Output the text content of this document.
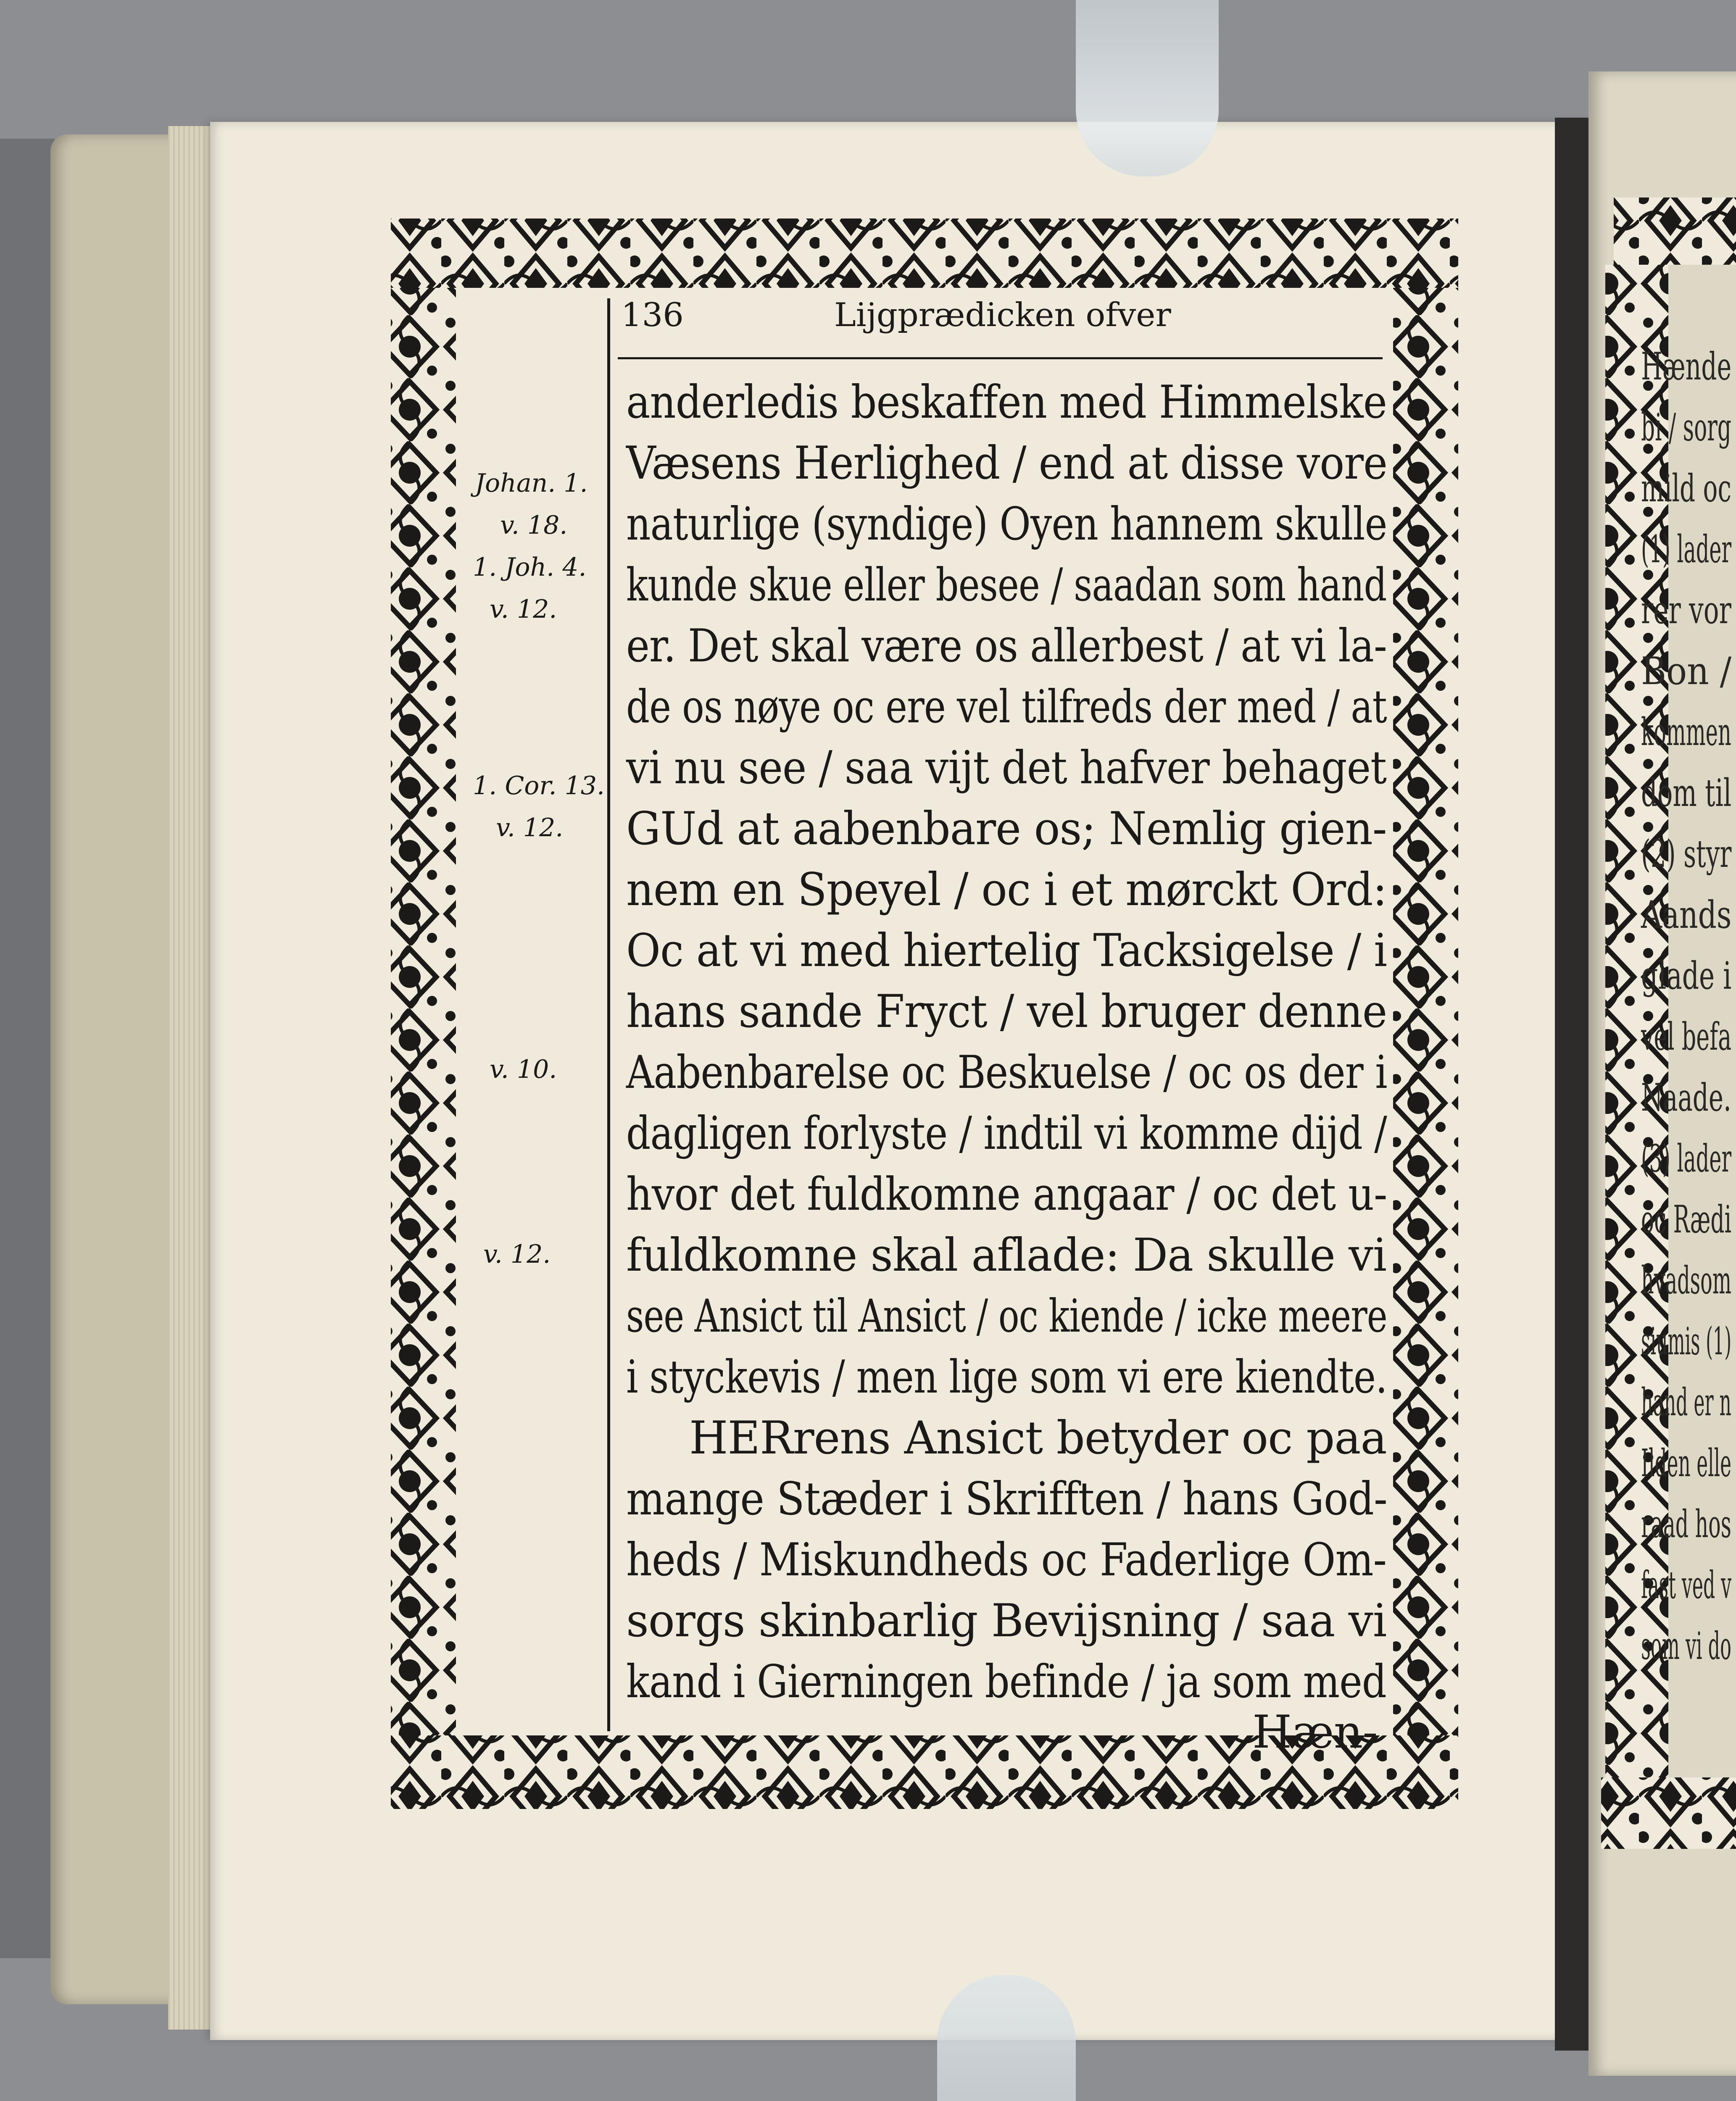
136	Lijgprædicken ofver
Johan. 1.
v. 18.
1. Joh. 4.
v. 12.
1. Cor. 13.
v. 12.
v. 10.
v. 12.
anderledis beskaffen med Himmelske
Væsens Herlighed / end at disse vore
naturlige (syndige) Oyen hannem skulle
kunde skue eller besee / saadan som hand
er. Det skal være os allerbest / at vi la-
de os nøye oc ere vel tilfreds der med / at
vi nu see / saa vijt det hafver behaget
GUd at aabenbare os; Nemlig gien-
nem en Speyel / oc i et mørckt Ord:
Oc at vi med hiertelig Tacksigelse / i
hans sande Fryct / vel bruger denne
Aabenbarelse oc Beskuelse / oc os der i
dagligen forlyste / indtil vi komme dijd /
hvor det fuldkomne angaar / oc det u-
fuldkomne skal aflade: Da skulle vi
see Ansict til Ansict / oc kiende / icke meere
i styckevis / men lige som vi ere kiendte.
HERrens Ansict betyder oc paa
mange Stæder i Skrifften / hans God-
heds / Miskundheds oc Faderlige Om-
sorgs skinbarlig Bevijsning / saa vi
kand i Gierningen befinde / ja som med
Hæn-
Hænde
bi / sorg
mild oc
(1) lader
rer vor
Bon /
kommen
dom til
(2) styr
Aands
glade i
vel befa
Naade.
(3) lader
oc Rædi
hvadsom
siumis (1)
hand er n
Ilden elle
raad hos
fast ved v
som vi do
